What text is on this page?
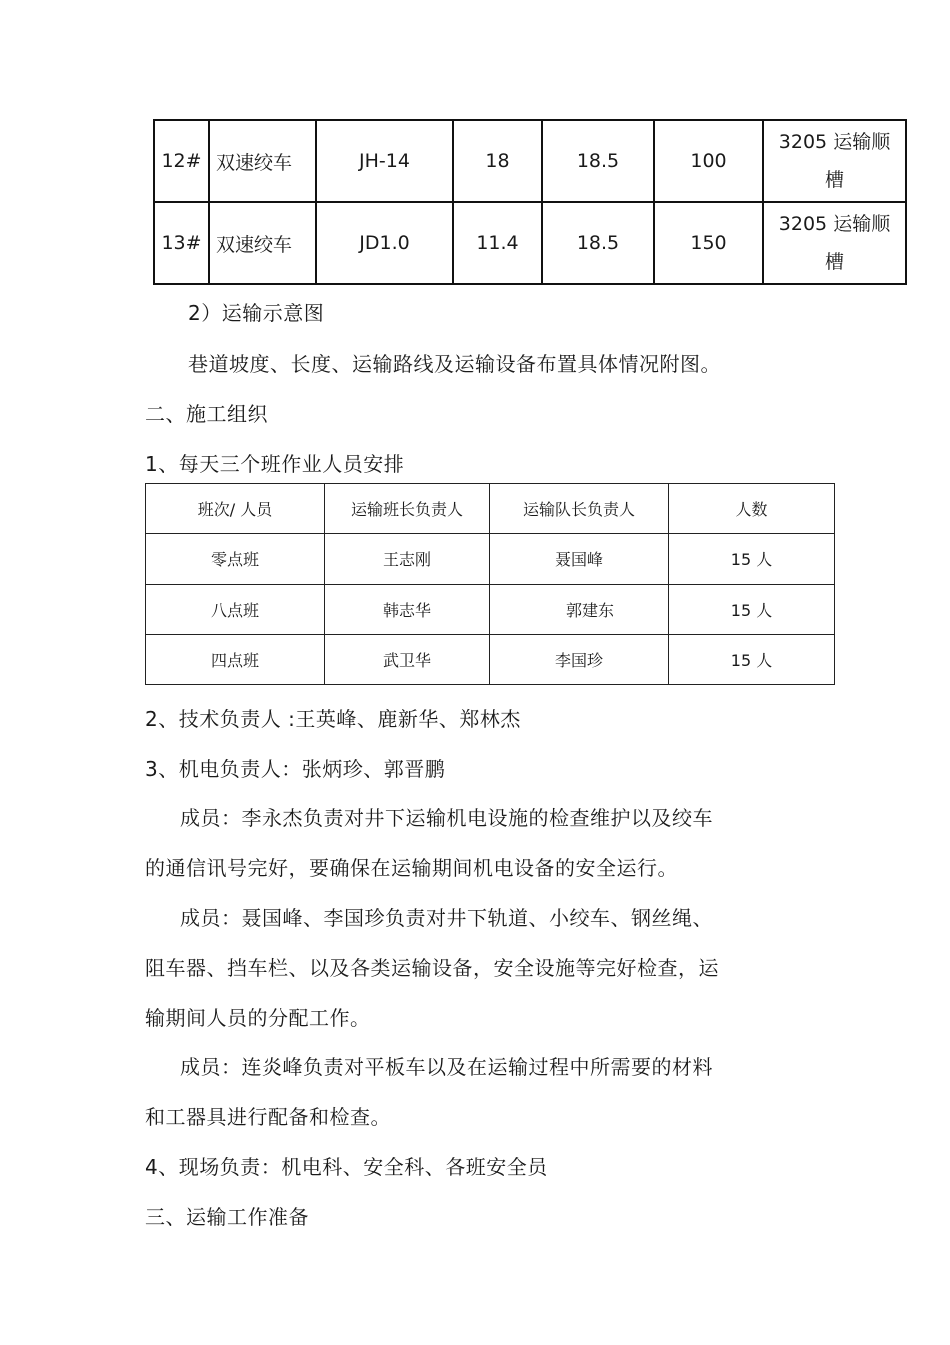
12#	双速绞车	JH-14	18	18.5	100	3205 运输顺
槽

13#	双速绞车	JD1.0	11.4	18.5	150	3205 运输顺
槽
2）运输示意图
巷道坡度、长度、运输路线及运输设备布置具体情况附图。
二、施工组织
1、每天三个班作业人员安排
班次/ 人员	运输班长负责人	运输队长负责人	人数
零点班	王志刚	聂国峰	15 人
八点班	韩志华	郭建东	15 人
四点班	武卫华	李国珍	15 人
2、技术负责人 :王英峰、鹿新华、郑林杰
3、机电负责人：张炳珍、郭晋鹏
成员：李永杰负责对井下运输机电设施的检查维护以及绞车
的通信讯号完好，要确保在运输期间机电设备的安全运行。
成员：聂国峰、李国珍负责对井下轨道、小绞车、钢丝绳、
阻车器、挡车栏、以及各类运输设备，安全设施等完好检查，运
输期间人员的分配工作。
成员：连炎峰负责对平板车以及在运输过程中所需要的材料
和工器具进行配备和检查。
4、现场负责：机电科、安全科、各班安全员
三、运输工作准备
